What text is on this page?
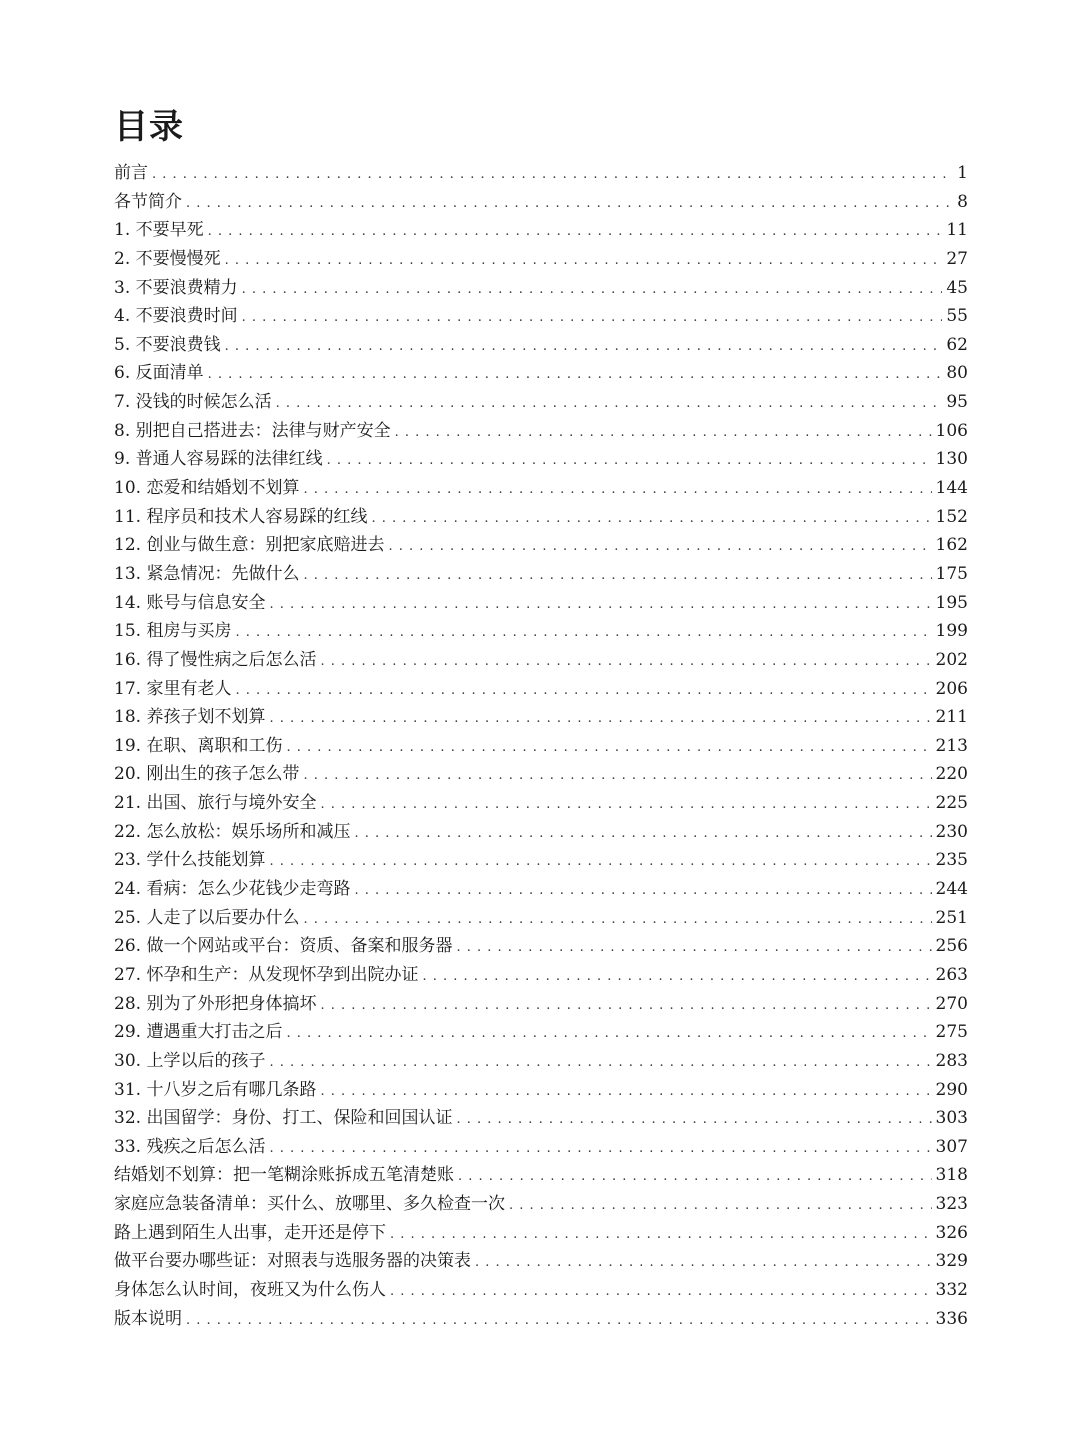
目录
前言 . . .	1
各节简介 . . .	8
1. 不要早死 . . .	11
2. 不要慢慢死 . . .	27
3. 不要浪费精力 . . .	45
4. 不要浪费时间 . . .	55
5. 不要浪费钱 . . .	62
6. 反面清单 . . .	80
7. 没钱的时候怎么活 . . .	95
8. 别把自己搭进去：法律与财产安全 . . .	106
9. 普通人容易踩的法律红线 . . .	130
10. 恋爱和结婚划不划算 . . .	144
11. 程序员和技术人容易踩的红线 . . .	152
12. 创业与做生意：别把家底赔进去 . . .	162
13. 紧急情况：先做什么 . . .	175
14. 账号与信息安全 . . .	195
15. 租房与买房 . . .	199
16. 得了慢性病之后怎么活 . . .	202
17. 家里有老人 . . .	206
18. 养孩子划不划算 . . .	211
19. 在职、离职和工伤 . . .	213
20. 刚出生的孩子怎么带 . . .	220
21. 出国、旅行与境外安全 . . .	225
22. 怎么放松：娱乐场所和减压 . . .	230
23. 学什么技能划算 . . .	235
24. 看病：怎么少花钱少走弯路 . . .	244
25. 人走了以后要办什么 . . .	251
26. 做一个网站或平台：资质、备案和服务器 . . .	256
27. 怀孕和生产：从发现怀孕到出院办证 . . .	263
28. 别为了外形把身体搞坏 . . .	270
29. 遭遇重大打击之后 . . .	275
30. 上学以后的孩子 . . .	283
31. 十八岁之后有哪几条路 . . .	290
32. 出国留学：身份、打工、保险和回国认证 . . .	303
33. 残疾之后怎么活 . . .	307
结婚划不划算：把一笔糊涂账拆成五笔清楚账 . . .	318
家庭应急装备清单：买什么、放哪里、多久检查一次 . . .	323
路上遇到陌生人出事，走开还是停下 . . .	326
做平台要办哪些证：对照表与选服务器的决策表 . . .	329
身体怎么认时间，夜班又为什么伤人 . . .	332
版本说明 . . .	336
